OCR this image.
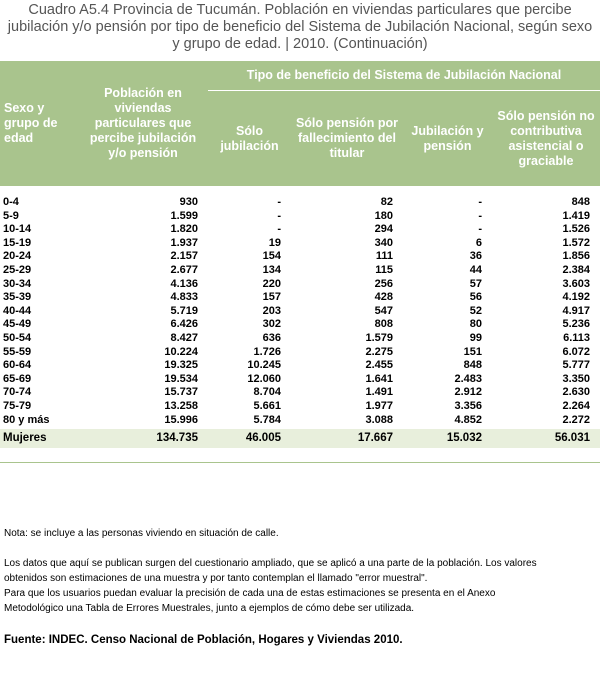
Cuadro A5.4 Provincia de Tucumán. Población en viviendas particulares que percibe
jubilación y/o pensión por tipo de beneficio del Sistema de Jubilación Nacional, según sexo
y grupo de edad. | 2010. (Continuación)
Sexo y grupo de edad	Población en viviendas particulares que percibe jubilación y/o pensión	Tipo de beneficio del Sistema de Jubilación Nacional			
		Sólo jubilación	Sólo pensión por fallecimiento del titular	Jubilación y pensión	Sólo pensión no contributiva asistencial o graciable

0-4	930	-	82	-	848
5-9	1.599	-	180	-	1.419
10-14	1.820	-	294	-	1.526
15-19	1.937	19	340	6	1.572
20-24	2.157	154	111	36	1.856
25-29	2.677	134	115	44	2.384
30-34	4.136	220	256	57	3.603
35-39	4.833	157	428	56	4.192
40-44	5.719	203	547	52	4.917
45-49	6.426	302	808	80	5.236
50-54	8.427	636	1.579	99	6.113
55-59	10.224	1.726	2.275	151	6.072
60-64	19.325	10.245	2.455	848	5.777
65-69	19.534	12.060	1.641	2.483	3.350
70-74	15.737	8.704	1.491	2.912	2.630
75-79	13.258	5.661	1.977	3.356	2.264
80 y más	15.996	5.784	3.088	4.852	2.272

Mujeres	134.735	46.005	17.667	15.032	56.031

Nota: se incluye a las personas viviendo en situación de calle.
Los datos que aquí se publican surgen del cuestionario ampliado, que se aplicó a una parte de la población. Los valores
obtenidos son estimaciones de una muestra y por tanto contemplan el llamado "error muestral".
Para que los usuarios puedan evaluar la precisión de cada una de estas estimaciones se presenta en el Anexo
Metodológico una Tabla de Errores Muestrales, junto a ejemplos de cómo debe ser utilizada.
Fuente: INDEC. Censo Nacional de Población, Hogares y Viviendas 2010.
